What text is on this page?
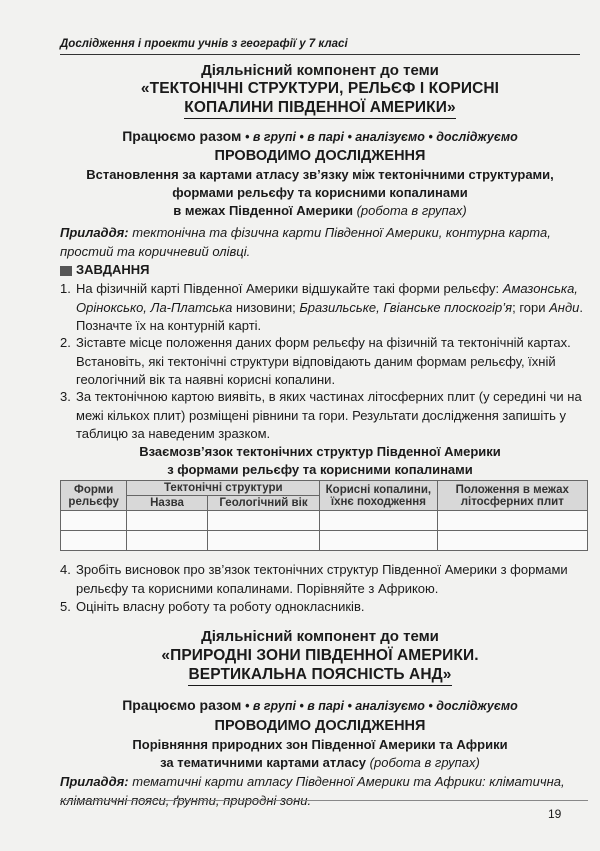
Дослідження і проекти учнів з географії у 7 класі
Діяльнісний компонент до теми
«ТЕКТОНІЧНІ СТРУКТУРИ, РЕЛЬЄФ І КОРИСНІ
КОПАЛИНИ ПІВДЕННОЇ АМЕРИКИ»
Працюємо разом • в групі • в парі • аналізуємо • досліджуємо
ПРОВОДИМО ДОСЛІДЖЕННЯ
Встановлення за картами атласу зв’язку між тектонічними структурами,
формами рельєфу та корисними копалинами
в межах Південної Америки (робота в групах)
Приладдя: тектонічна та фізична карти Південної Америки, контурна карта, простий та коричневий олівці.
ЗАВДАННЯ
1. На фізичній карті Південної Америки відшукайте такі форми рельєфу: Амазонська, Оріноксько, Ла-Платська низовини; Бразильське, Гвіанське плоскогір’я; гори Анди. Позначте їх на контурній карті.
2. Зіставте місце положення даних форм рельєфу на фізичній та тектонічній картах. Встановіть, які тектонічні структури відповідають даним формам рельєфу, їхній геологічний вік та наявні корисні копалини.
3. За тектонічною картою виявіть, в яких частинах літосферних плит (у середині чи на межі кількох плит) розміщені рівнини та гори. Результати дослідження запишіть у таблицю за наведеним зразком.
Взаємозв’язок тектонічних структур Південної Америки
з формами рельєфу та корисними копалинами
Форми рельєфу	Тектонічні структури		Корисні копалини, їхнє походження	Положення в межах літосферних плит
	Назва	Геологічний вік		

4. Зробіть висновок про зв’язок тектонічних структур Південної Америки з формами рельєфу та корисними копалинами. Порівняйте з Африкою.
5. Оцініть власну роботу та роботу однокласників.
Діяльнісний компонент до теми
«ПРИРОДНІ ЗОНИ ПІВДЕННОЇ АМЕРИКИ.
ВЕРТИКАЛЬНА ПОЯСНІСТЬ АНД»
Працюємо разом • в групі • в парі • аналізуємо • досліджуємо
ПРОВОДИМО ДОСЛІДЖЕННЯ
Порівняння природних зон Південної Америки та Африки
за тематичними картами атласу (робота в групах)
Приладдя: тематичні карти атласу Південної Америки та Африки: кліматична, кліматичні пояси, ґрунти, природні зони.
19
